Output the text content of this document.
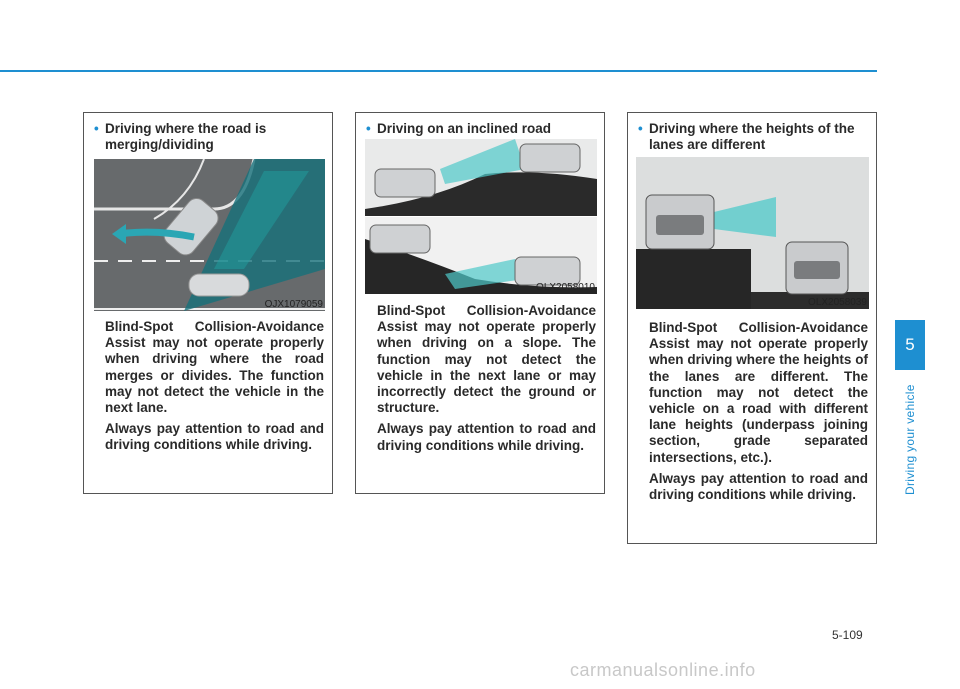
• Driving where the road is merging/dividing
OJX1079059

Blind-Spot Collision-Avoidance Assist may not operate properly when driving where the road merges or divides. The function may not detect the vehicle in the next lane.

Always pay attention to road and driving conditions while driving.

• Driving on an inclined road
OLX2058010

Blind-Spot Collision-Avoidance Assist may not operate properly when driving on a slope. The function may not detect the vehicle in the next lane or may incorrectly detect the ground or structure.

Always pay attention to road and driving conditions while driving.

• Driving where the heights of the lanes are different
OLX2058039

Blind-Spot Collision-Avoidance Assist may not operate properly when driving where the heights of the lanes are different. The function may not detect the vehicle on a road with different lane heights (underpass joining section, grade separated intersections, etc.).

Always pay attention to road and driving conditions while driving.

5
Driving your vehicle
5-109
carmanualsonline.info
